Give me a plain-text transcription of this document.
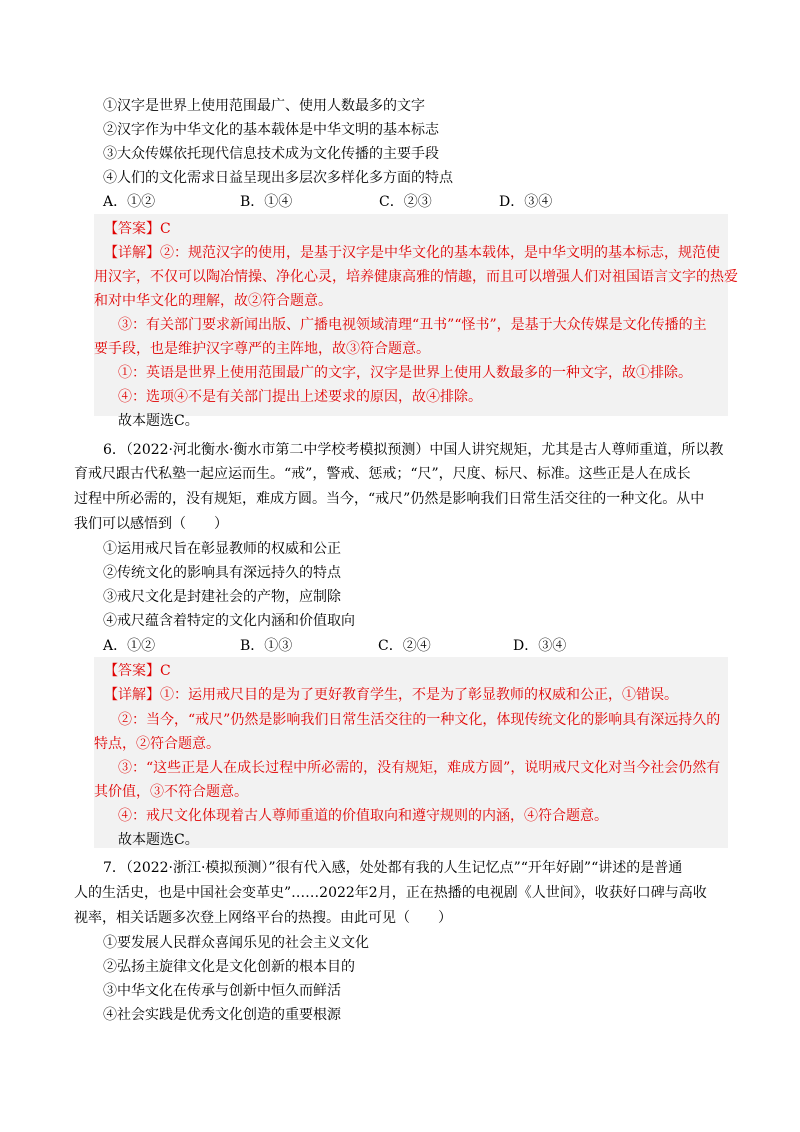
①汉字是世界上使用范围最广、使用人数最多的文字
②汉字作为中华文化的基本载体是中华文明的基本标志
③大众传媒依托现代信息技术成为文化传播的主要手段
④人们的文化需求日益呈现出多层次多样化多方面的特点
A．①②	B．①④	C．②③	D．③④
【答案】C
【详解】②：规范汉字的使用，是基于汉字是中华文化的基本载体，是中华文明的基本标志，规范使
用汉字，不仅可以陶冶情操、净化心灵，培养健康高雅的情趣，而且可以增强人们对祖国语言文字的热爱
和对中华文化的理解，故②符合题意。
③：有关部门要求新闻出版、广播电视领域清理“丑书”“怪书”，是基于大众传媒是文化传播的主
要手段，也是维护汉字尊严的主阵地，故③符合题意。
①：英语是世界上使用范围最广的文字，汉字是世界上使用人数最多的一种文字，故①排除。
④：选项④不是有关部门提出上述要求的原因，故④排除。
故本题选C。
6．（2022·河北衡水·衡水市第二中学校考模拟预测）中国人讲究规矩，尤其是古人尊师重道，所以教
育戒尺跟古代私塾一起应运而生。“戒”，警戒、惩戒；“尺”，尺度、标尺、标准。这些正是人在成长
过程中所必需的，没有规矩，难成方圆。当今，“戒尺”仍然是影响我们日常生活交往的一种文化。从中
我们可以感悟到（　　）
①运用戒尺旨在彰显教师的权威和公正
②传统文化的影响具有深远持久的特点
③戒尺文化是封建社会的产物，应制除
④戒尺蕴含着特定的文化内涵和价值取向
A．①②	B．①③	C．②④	D．③④
【答案】C
【详解】①：运用戒尺目的是为了更好教育学生，不是为了彰显教师的权威和公正，①错误。
②：当今，“戒尺”仍然是影响我们日常生活交往的一种文化，体现传统文化的影响具有深远持久的
特点，②符合题意。
③：“这些正是人在成长过程中所必需的，没有规矩，难成方圆”，说明戒尺文化对当今社会仍然有
其价值，③不符合题意。
④：戒尺文化体现着古人尊师重道的价值取向和遵守规则的内涵，④符合题意。
故本题选C。
7．（2022·浙江·模拟预测）”很有代入感，处处都有我的人生记忆点”“开年好剧”“讲述的是普通
人的生活史，也是中国社会变革史”……2022年2月，正在热播的电视剧《人世间》，收获好口碑与高收
视率，相关话题多次登上网络平台的热搜。由此可见（　　）
①要发展人民群众喜闻乐见的社会主义文化
②弘扬主旋律文化是文化创新的根本目的
③中华文化在传承与创新中恒久而鲜活
④社会实践是优秀文化创造的重要根源
